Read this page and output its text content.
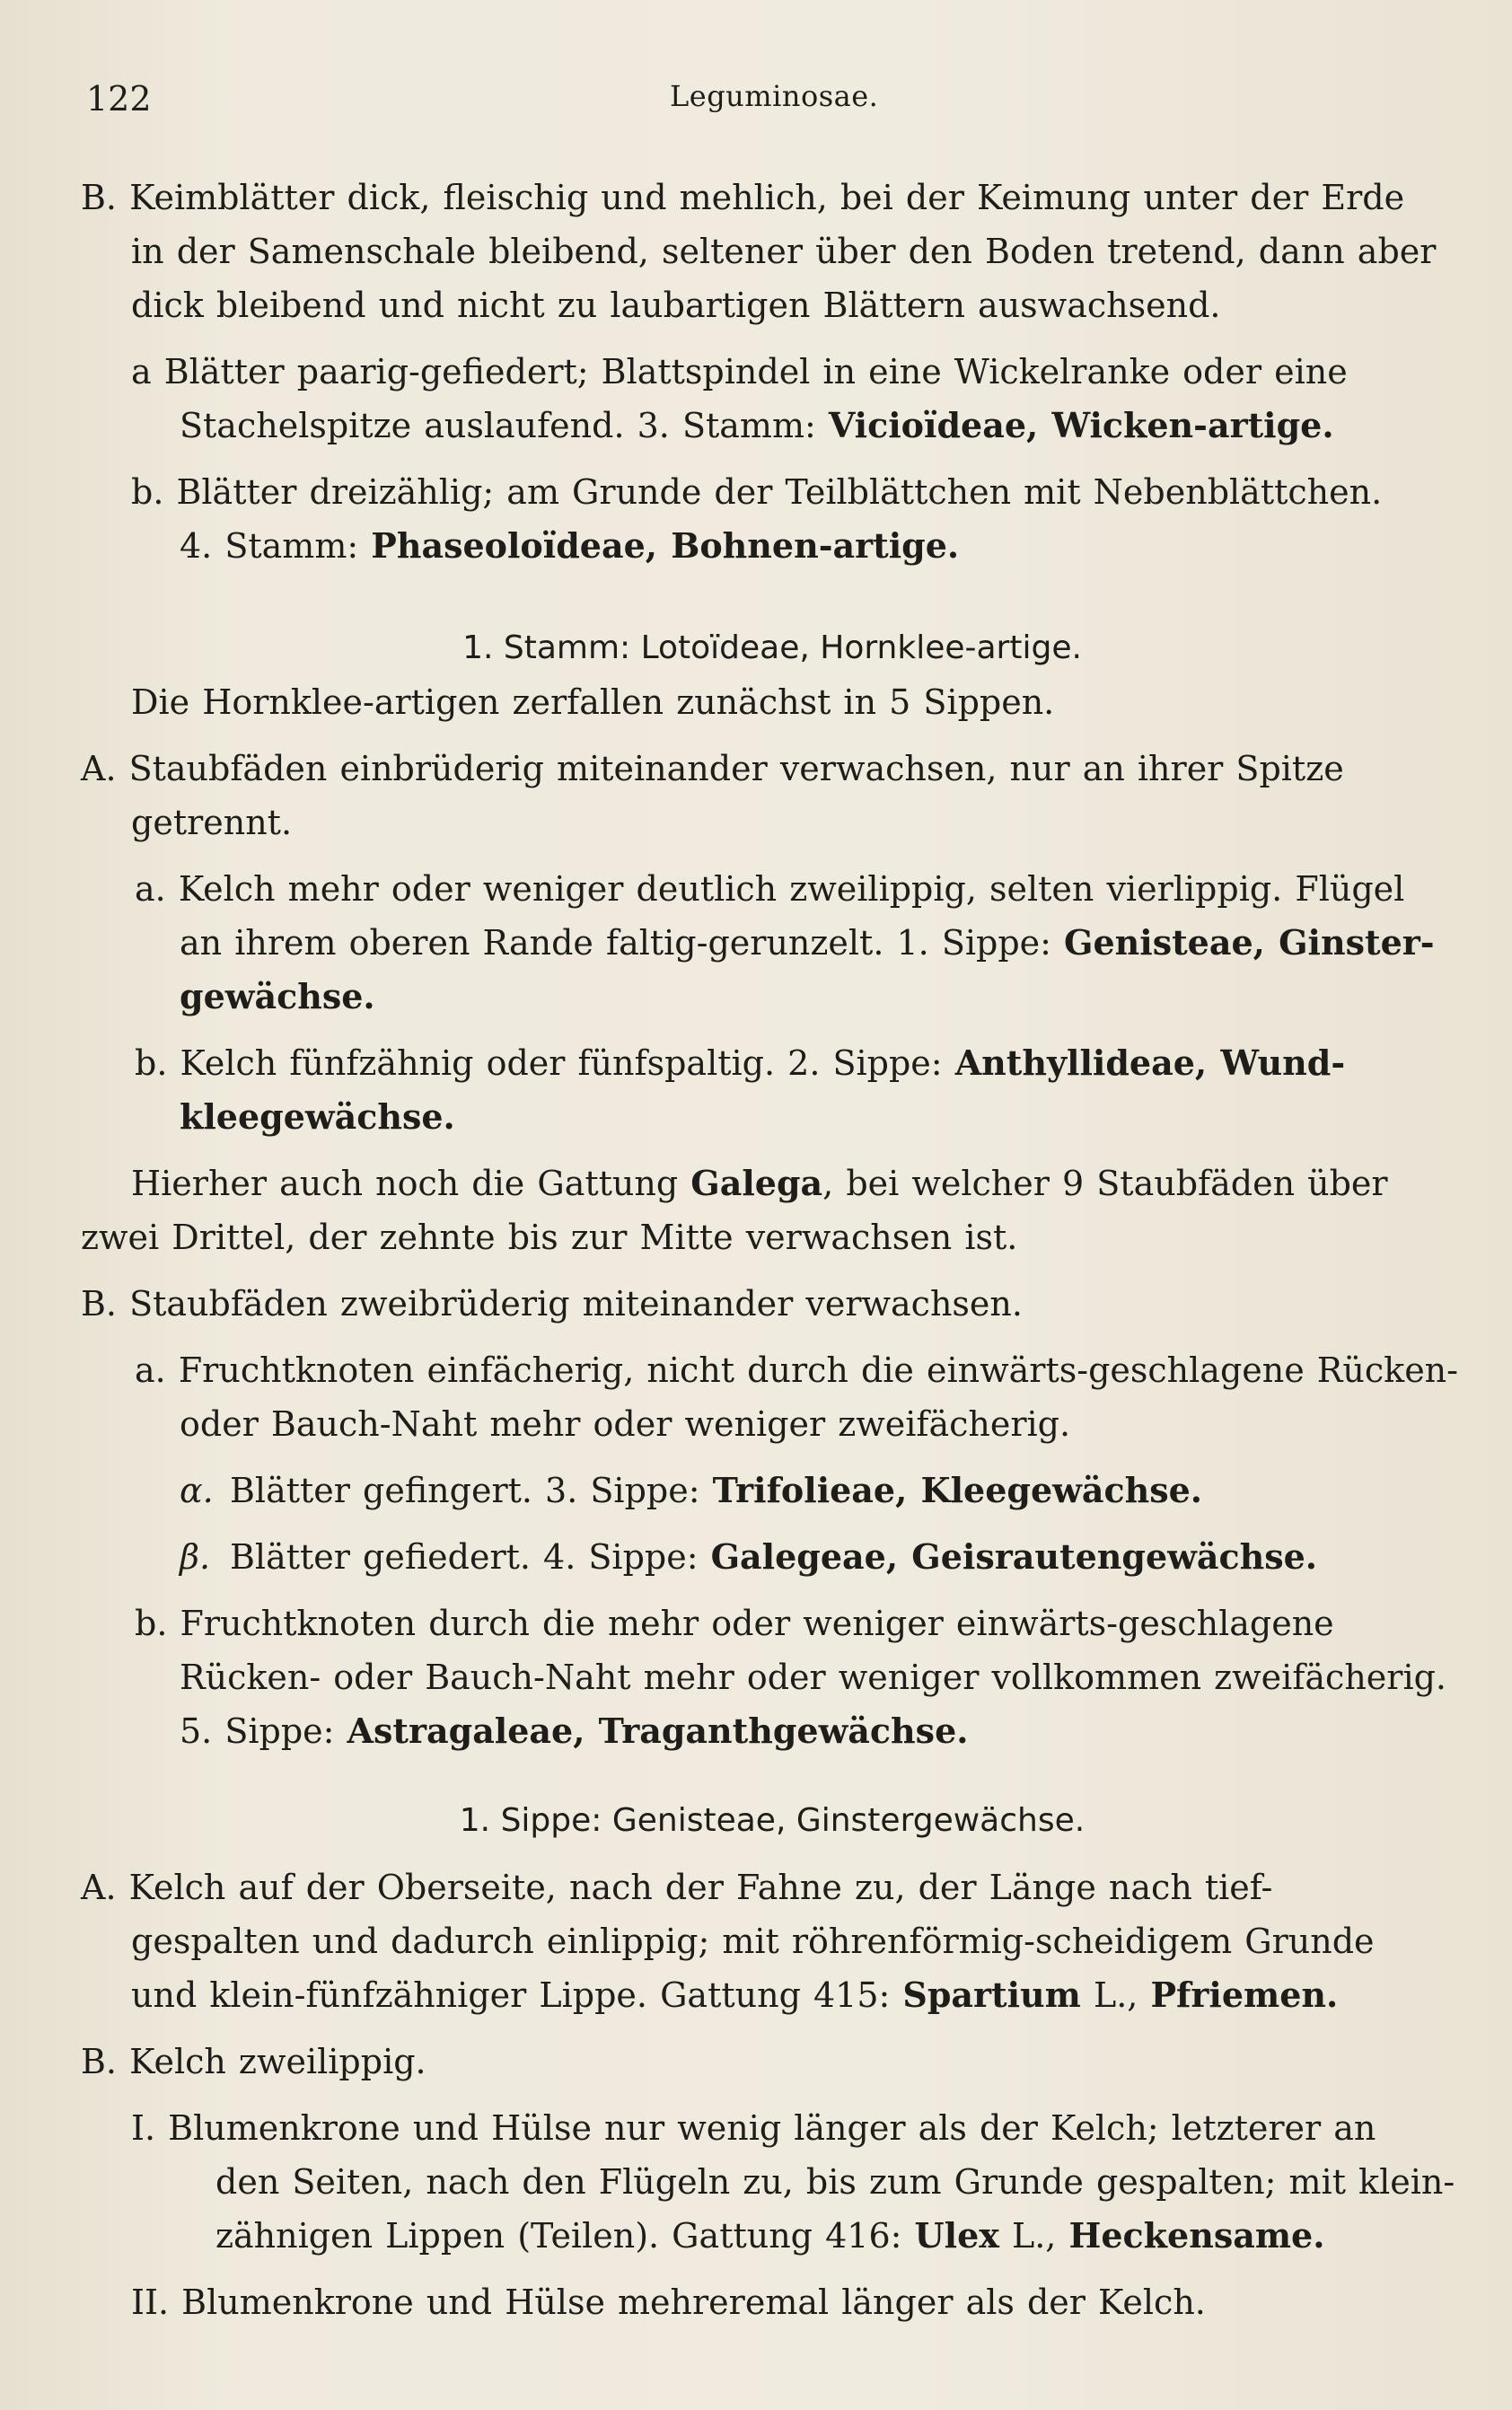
122	Leguminosae.
B. Keimblätter dick, fleischig und mehlich, bei der Keimung unter der Erde
in der Samenschale bleibend, seltener über den Boden tretend, dann aber
dick bleibend und nicht zu laubartigen Blättern auswachsend.
a Blätter paarig-gefiedert; Blattspindel in eine Wickelranke oder eine
Stachelspitze auslaufend. 3. Stamm: Vicioïdeae, Wicken-artige.
b. Blätter dreizählig; am Grunde der Teilblättchen mit Nebenblättchen.
4. Stamm: Phaseoloïdeae, Bohnen-artige.
1. Stamm: Lotoïdeae, Hornklee-artige.
Die Hornklee-artigen zerfallen zunächst in 5 Sippen.
A. Staubfäden einbrüderig miteinander verwachsen, nur an ihrer Spitze
getrennt.
a. Kelch mehr oder weniger deutlich zweilippig, selten vierlippig. Flügel
an ihrem oberen Rande faltig-gerunzelt. 1. Sippe: Genisteae, Ginster-
gewächse.
b. Kelch fünfzähnig oder fünfspaltig. 2. Sippe: Anthyllideae, Wund-
kleegewächse.
Hierher auch noch die Gattung Galega, bei welcher 9 Staubfäden über
zwei Drittel, der zehnte bis zur Mitte verwachsen ist.
B. Staubfäden zweibrüderig miteinander verwachsen.
a. Fruchtknoten einfächerig, nicht durch die einwärts-geschlagene Rücken-
oder Bauch-Naht mehr oder weniger zweifächerig.
α. Blätter gefingert. 3. Sippe: Trifolieae, Kleegewächse.
β. Blätter gefiedert. 4. Sippe: Galegeae, Geisrautengewächse.
b. Fruchtknoten durch die mehr oder weniger einwärts-geschlagene
Rücken- oder Bauch-Naht mehr oder weniger vollkommen zweifächerig.
5. Sippe: Astragaleae, Traganthgewächse.
1. Sippe: Genisteae, Ginstergewächse.
A. Kelch auf der Oberseite, nach der Fahne zu, der Länge nach tief-
gespalten und dadurch einlippig; mit röhrenförmig-scheidigem Grunde
und klein-fünfzähniger Lippe. Gattung 415: Spartium L., Pfriemen.
B. Kelch zweilippig.
I. Blumenkrone und Hülse nur wenig länger als der Kelch; letzterer an
den Seiten, nach den Flügeln zu, bis zum Grunde gespalten; mit klein-
zähnigen Lippen (Teilen). Gattung 416: Ulex L., Heckensame.
II. Blumenkrone und Hülse mehreremal länger als der Kelch.
